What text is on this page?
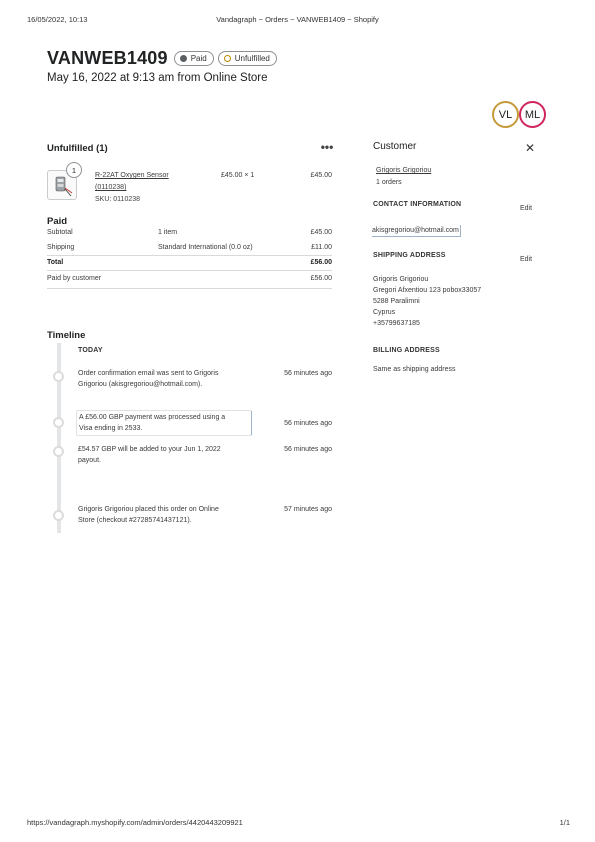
16/05/2022, 10:13	Vandagraph ~ Orders ~ VANWEB1409 ~ Shopify
VANWEB1409	Paid	Unfulfilled
May 16, 2022 at 9:13 am from Online Store
VL ML
Unfulfilled (1)	•••
1
R-22AT Oxygen Sensor
(0110238)
SKU: 0110238
£45.00 × 1	£45.00
Paid
Subtotal	1 item	£45.00
Shipping	Standard International (0.0 oz)	£11.00
Total	£56.00
Paid by customer	£56.00
Timeline
TODAY
Order confirmation email was sent to Grigoris
Grigoriou (akisgregoriou@hotmail.com).
56 minutes ago
A £56.00 GBP payment was processed using a
Visa ending in 2533.
56 minutes ago
£54.57 GBP will be added to your Jun 1, 2022
payout.
56 minutes ago
Grigoris Grigoriou placed this order on Online
Store (checkout #27285741437121).
57 minutes ago
Customer	✕
Grigoris Grigoriou
1 orders
CONTACT INFORMATION
Edit
akisgregoriou@hotmail.com
SHIPPING ADDRESS
Edit
Grigoris Grigoriou
Gregori Afxentiou 123 pobox33057
5288 Paralimni
Cyprus
+35799637185
BILLING ADDRESS
Same as shipping address
https://vandagraph.myshopify.com/admin/orders/4420443209921	1/1
